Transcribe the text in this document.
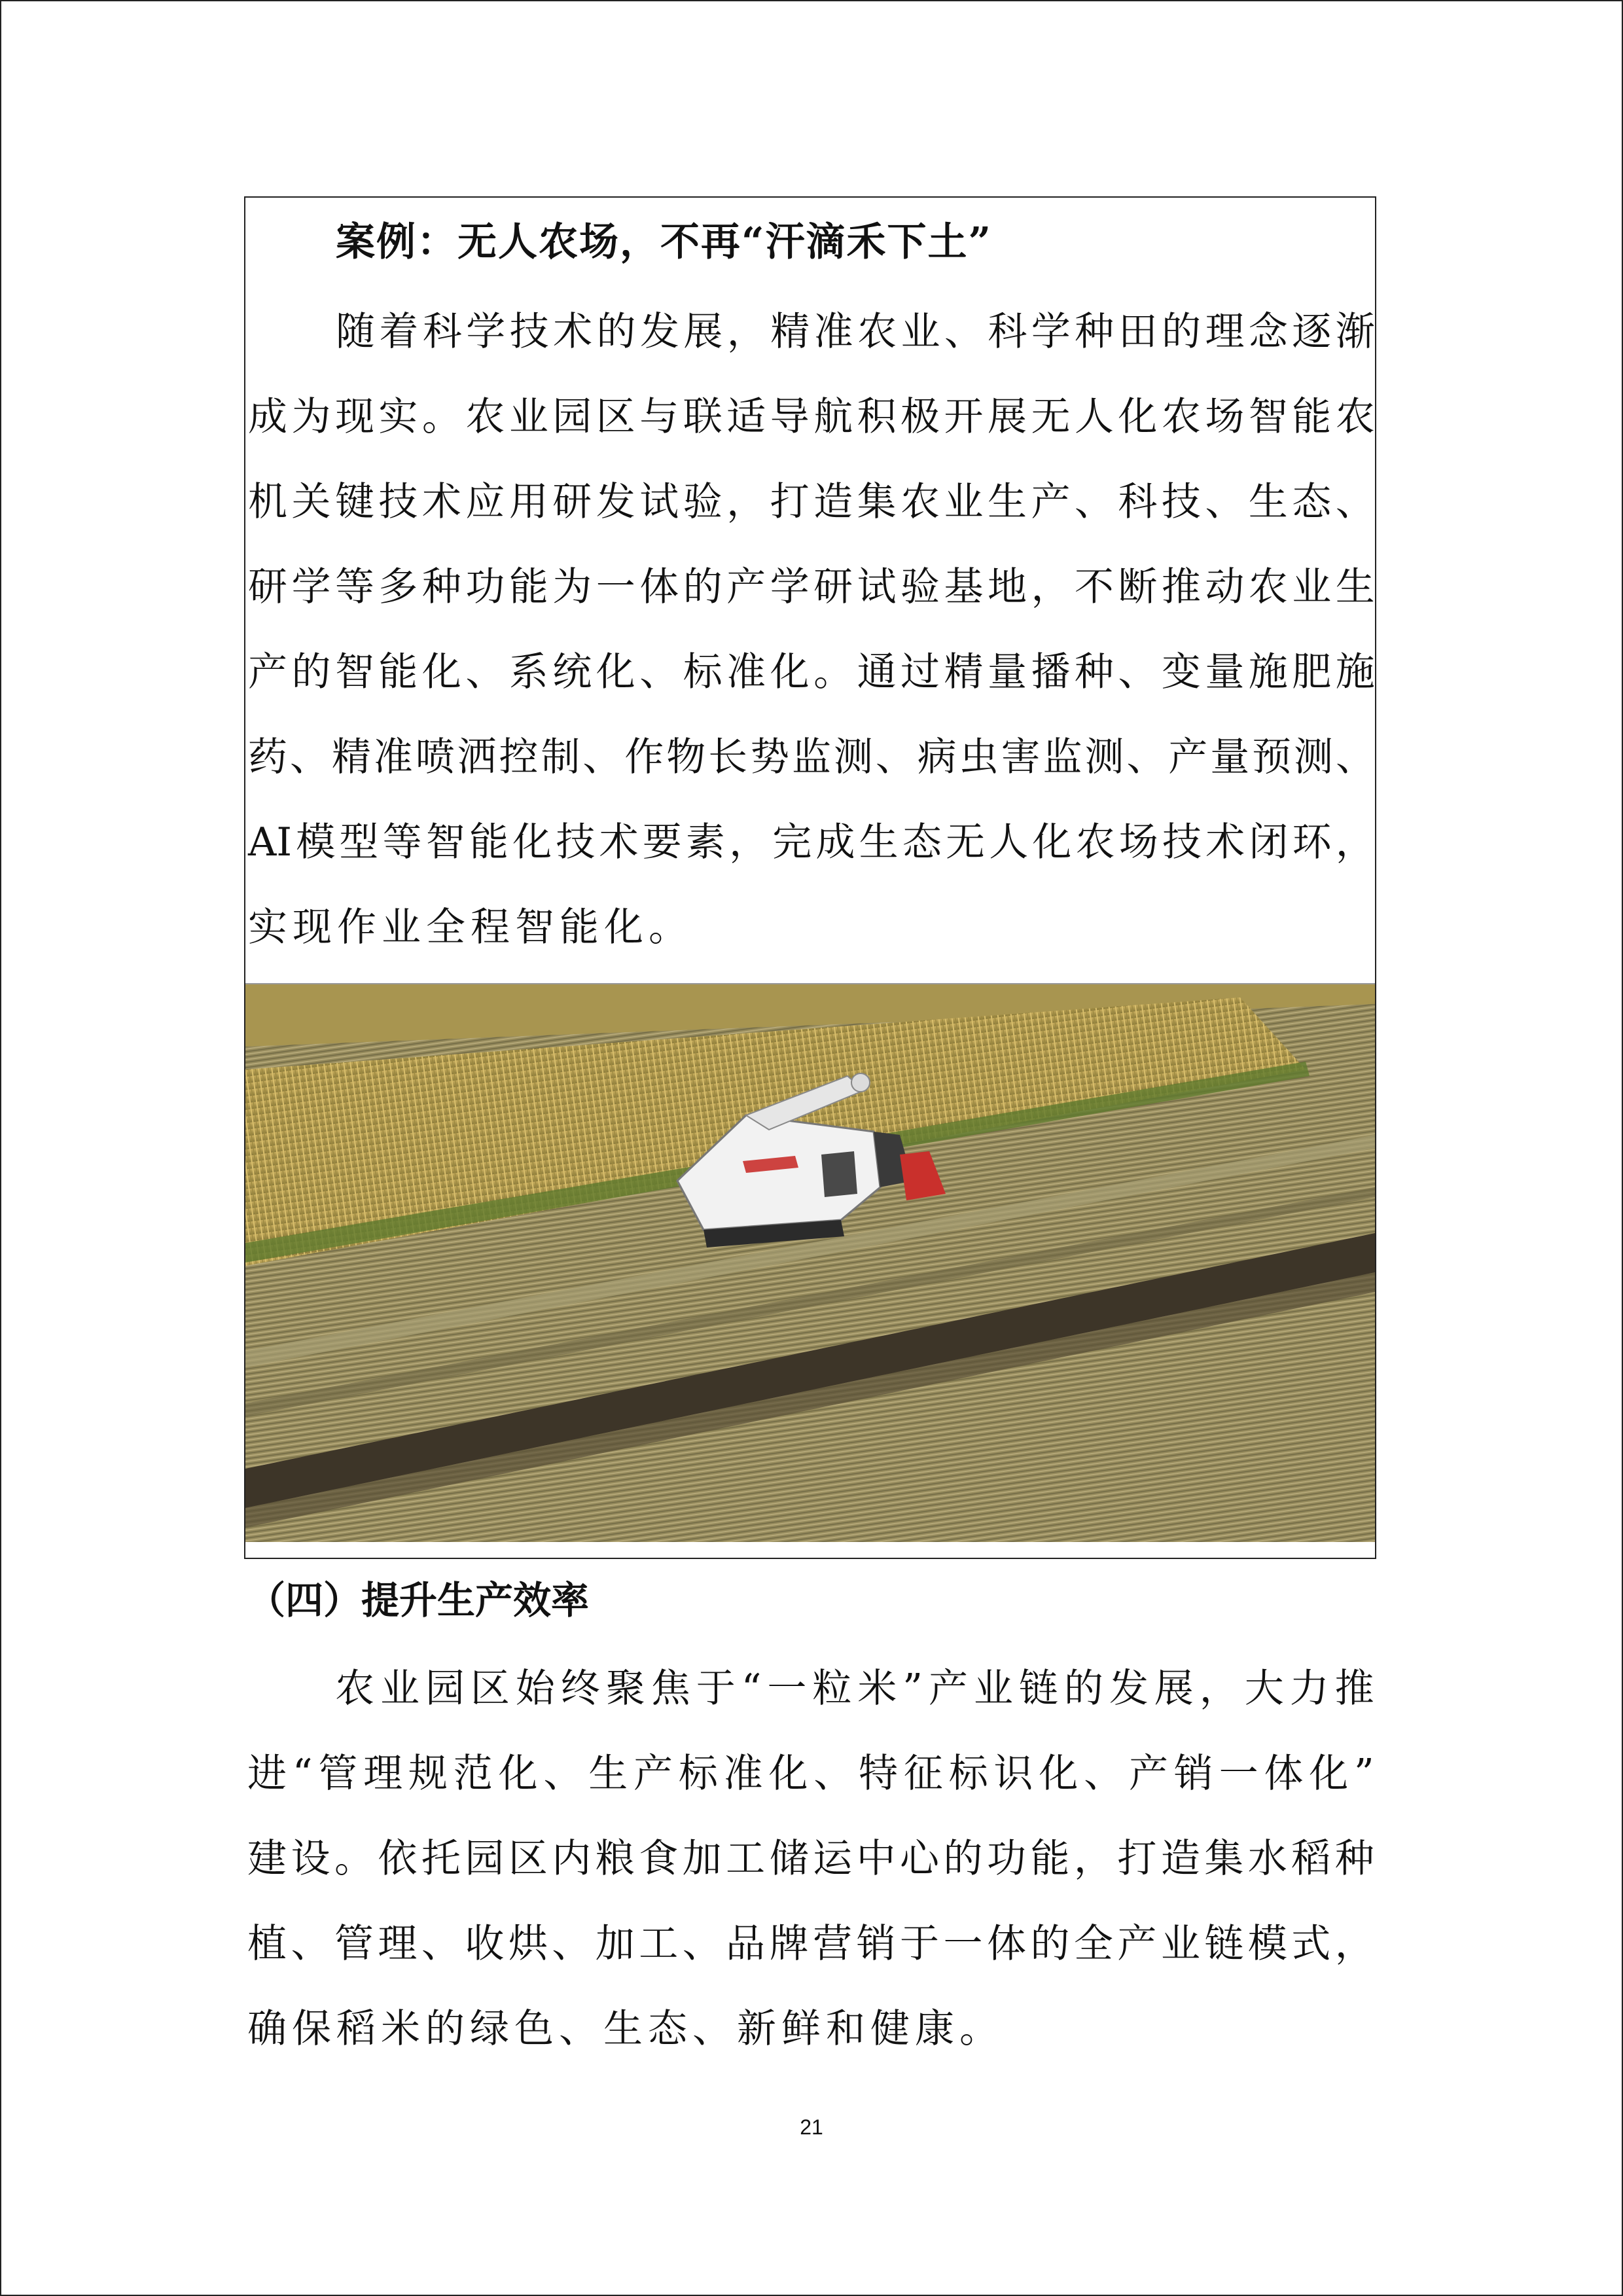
案例：无人农场，不再“汗滴禾下土”
随 着 科 学 技 术 的 发 展 ， 精 准 农 业 、 科 学 种 田 的 理 念 逐 渐
成 为 现 实 。 农 业 园 区 与 联 适 导 航 积 极 开 展 无 人 化 农 场 智 能 农
机 关 键 技 术 应 用 研 发 试 验 ， 打 造 集 农 业 生 产 、 科 技 、 生 态 、
研 学 等 多 种 功 能 为 一 体 的 产 学 研 试 验 基 地 ， 不 断 推 动 农 业 生
产 的 智 能 化 、 系 统 化 、 标 准 化 。 通 过 精 量 播 种 、 变 量 施 肥 施
药 、 精 准 喷 洒 控 制 、 作 物 长 势 监 测 、 病 虫 害 监 测 、 产 量 预 测 、
AI 模 型 等 智 能 化 技 术 要 素 ， 完 成 生 态 无 人 化 农 场 技 术 闭 环 ，
实 现 作 业 全 程 智 能 化 。
（四）提升生产效率
农 业 园 区 始 终 聚 焦 于 “ 一 粒 米 ” 产 业 链 的 发 展 ， 大 力 推
进 “ 管 理 规 范 化 、 生 产 标 准 化 、 特 征 标 识 化 、 产 销 一 体 化 ”
建 设 。 依 托 园 区 内 粮 食 加 工 储 运 中 心 的 功 能 ， 打 造 集 水 稻 种
植 、 管 理 、 收 烘 、 加 工 、 品 牌 营 销 于 一 体 的 全 产 业 链 模 式 ，
确 保 稻 米 的 绿 色 、 生 态 、 新 鲜 和 健 康 。
21
